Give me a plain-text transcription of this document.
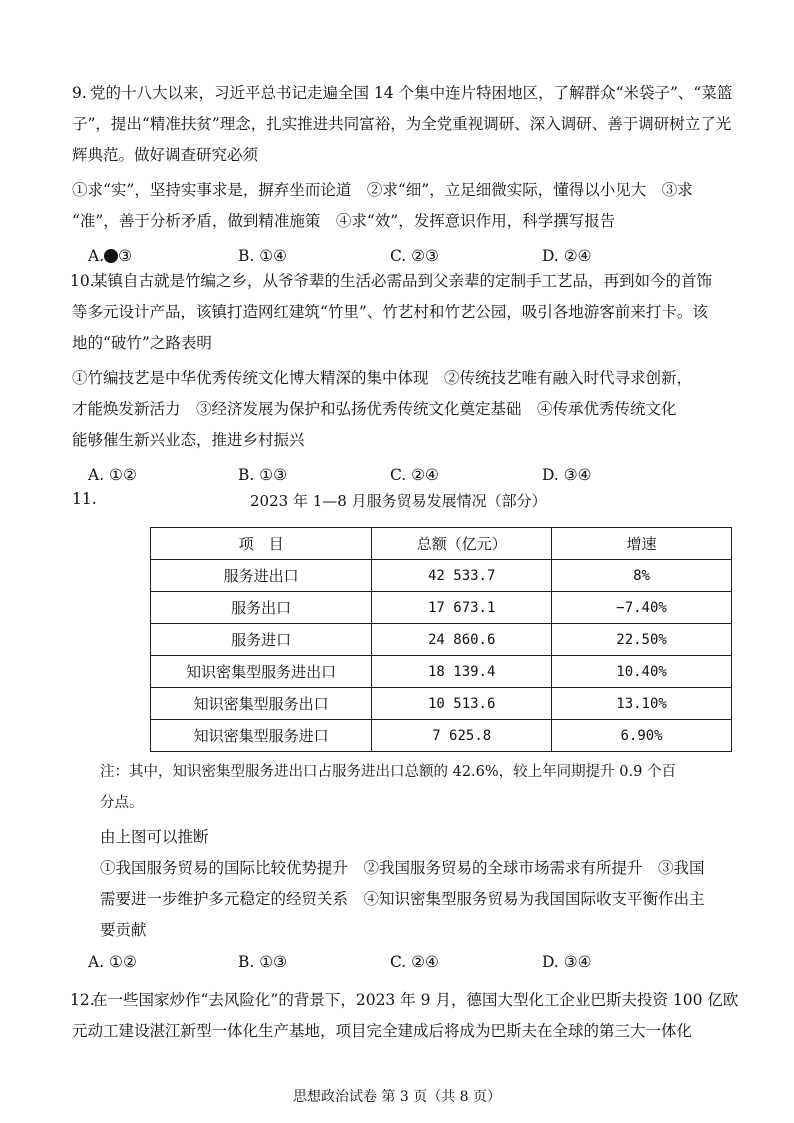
9. 党的十八大以来，习近平总书记走遍全国 14 个集中连片特困地区，了解群众“米袋子”、“菜篮
子”，提出“精准扶贫”理念，扎实推进共同富裕，为全党重视调研、深入调研、善于调研树立了光
辉典范。做好调查研究必须
①求“实”，坚持实事求是，摒弃坐而论道　②求“细”，立足细微实际，懂得以小见大　③求
“准”，善于分析矛盾，做到精准施策　④求“效”，发挥意识作用，科学撰写报告
A. ③	B. ①④	C. ②③	D. ②④
10.
某镇自古就是竹编之乡，从爷爷辈的生活必需品到父亲辈的定制手工艺品，再到如今的首饰
等多元设计产品，该镇打造网红建筑“竹里”、竹艺村和竹艺公园，吸引各地游客前来打卡。该
地的“破竹”之路表明
①竹编技艺是中华优秀传统文化博大精深的集中体现　②传统技艺唯有融入时代寻求创新，
才能焕发新活力　③经济发展为保护和弘扬优秀传统文化奠定基础　④传承优秀传统文化
能够催生新兴业态，推进乡村振兴
A. ①②	B. ①③	C. ②④	D. ③④
11.	2023 年 1—8 月服务贸易发展情况（部分）
项　目	总额（亿元）	增速
服务进出口	42 533.7	8%
服务出口	17 673.1	−7.40%
服务进口	24 860.6	22.50%
知识密集型服务进出口	18 139.4	10.40%
知识密集型服务出口	10 513.6	13.10%
知识密集型服务进口	7 625.8	6.90%
注：其中，知识密集型服务进出口占服务进出口总额的 42.6%，较上年同期提升 0.9 个百
分点。
由上图可以推断
①我国服务贸易的国际比较优势提升　②我国服务贸易的全球市场需求有所提升　③我国
需要进一步维护多元稳定的经贸关系　④知识密集型服务贸易为我国国际收支平衡作出主
要贡献
A. ①②	B. ①③	C. ②④	D. ③④
12.
在一些国家炒作“去风险化”的背景下，2023 年 9 月，德国大型化工企业巴斯夫投资 100 亿欧
元动工建设湛江新型一体化生产基地，项目完全建成后将成为巴斯夫在全球的第三大一体化
思想政治试卷 第 3 页（共 8 页）
